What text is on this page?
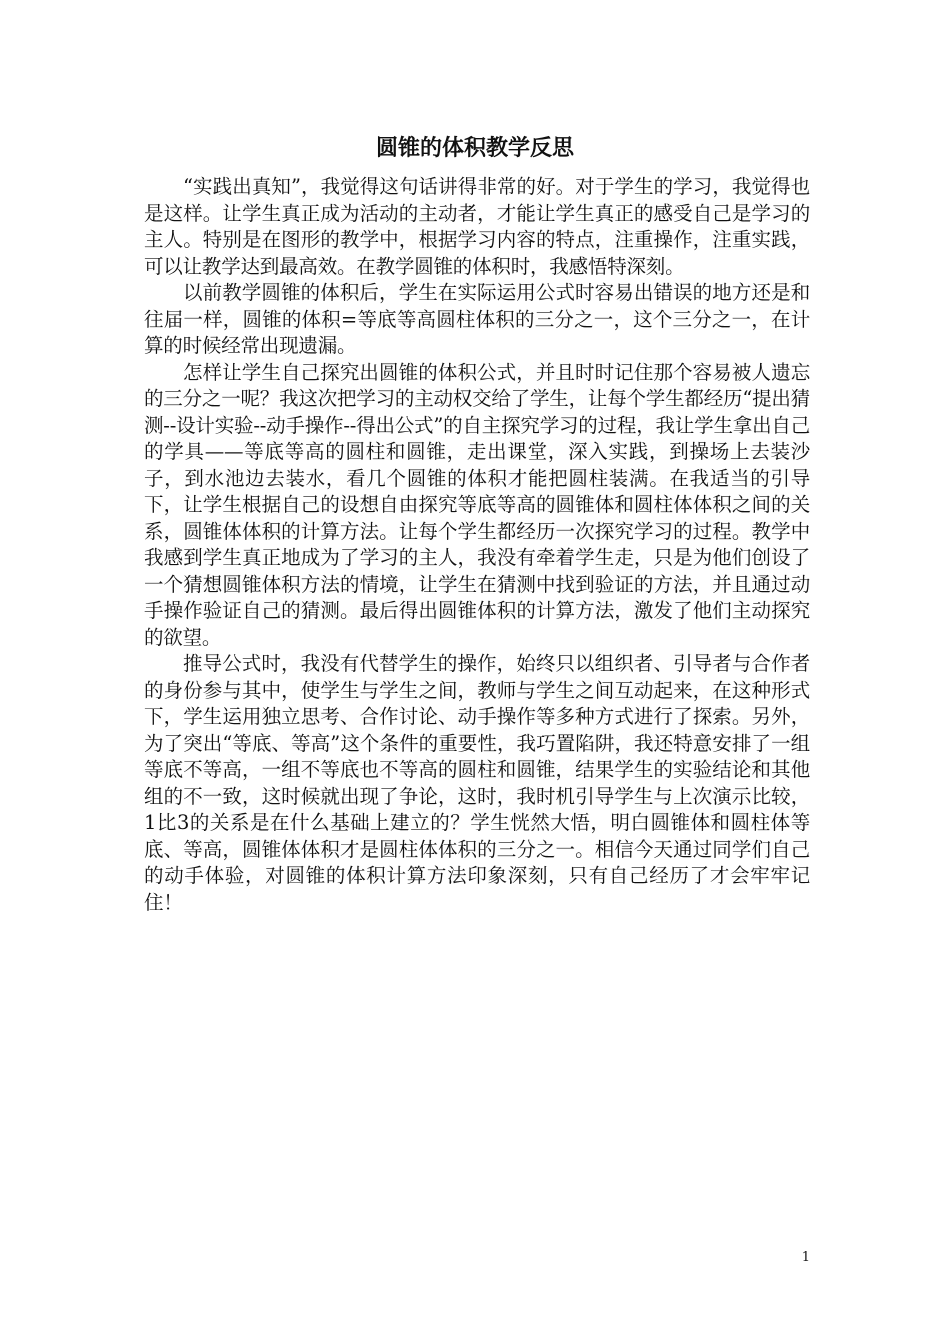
圆锥的体积教学反思

“实践出真知”，我觉得这句话讲得非常的好。对于学生的学习，我觉得也是这样。让学生真正成为活动的主动者，才能让学生真正的感受自己是学习的主人。特别是在图形的教学中，根据学习内容的特点，注重操作，注重实践，可以让教学达到最高效。在教学圆锥的体积时，我感悟特深刻。

以前教学圆锥的体积后，学生在实际运用公式时容易出错误的地方还是和往届一样，圆锥的体积=等底等高圆柱体积的三分之一，这个三分之一，在计算的时候经常出现遗漏。

怎样让学生自己探究出圆锥的体积公式，并且时时记住那个容易被人遗忘的三分之一呢？我这次把学习的主动权交给了学生，让每个学生都经历“提出猜测--设计实验--动手操作--得出公式”的自主探究学习的过程，我让学生拿出自己的学具——等底等高的圆柱和圆锥，走出课堂，深入实践，到操场上去装沙子，到水池边去装水，看几个圆锥的体积才能把圆柱装满。在我适当的引导下，让学生根据自己的设想自由探究等底等高的圆锥体和圆柱体体积之间的关系，圆锥体体积的计算方法。让每个学生都经历一次探究学习的过程。教学中我感到学生真正地成为了学习的主人，我没有牵着学生走，只是为他们创设了一个猜想圆锥体积方法的情境，让学生在猜测中找到验证的方法，并且通过动手操作验证自己的猜测。最后得出圆锥体积的计算方法，激发了他们主动探究的欲望。

推导公式时，我没有代替学生的操作，始终只以组织者、引导者与合作者的身份参与其中，使学生与学生之间，教师与学生之间互动起来，在这种形式下，学生运用独立思考、合作讨论、动手操作等多种方式进行了探索。另外，为了突出“等底、等高”这个条件的重要性，我巧置陷阱，我还特意安排了一组等底不等高，一组不等底也不等高的圆柱和圆锥，结果学生的实验结论和其他组的不一致，这时候就出现了争论，这时，我时机引导学生与上次演示比较，1比3的关系是在什么基础上建立的？学生恍然大悟，明白圆锥体和圆柱体等底、等高，圆锥体体积才是圆柱体体积的三分之一。相信今天通过同学们自己的动手体验，对圆锥的体积计算方法印象深刻，只有自己经历了才会牢牢记住！

1
